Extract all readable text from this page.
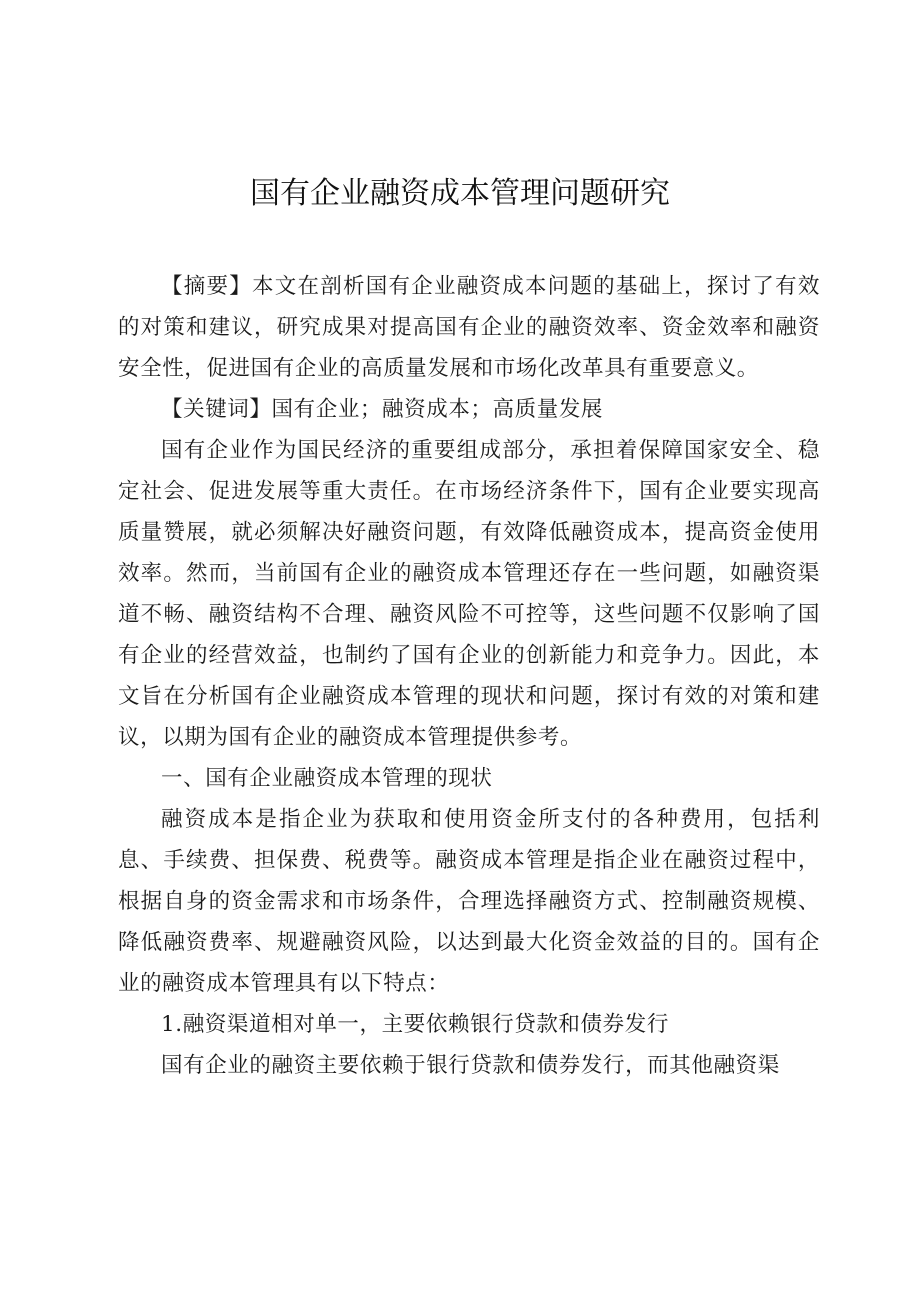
国有企业融资成本管理问题研究

【摘要】本文在剖析国有企业融资成本问题的基础上，探讨了有效的对策和建议，研究成果对提高国有企业的融资效率、资金效率和融资安全性，促进国有企业的高质量发展和市场化改革具有重要意义。

【关键词】国有企业；融资成本；高质量发展

国有企业作为国民经济的重要组成部分，承担着保障国家安全、稳定社会、促进发展等重大责任。在市场经济条件下，国有企业要实现高质量赞展，就必须解决好融资问题，有效降低融资成本，提高资金使用效率。然而，当前国有企业的融资成本管理还存在一些问题，如融资渠道不畅、融资结构不合理、融资风险不可控等，这些问题不仅影响了国有企业的经营效益，也制约了国有企业的创新能力和竞争力。因此，本文旨在分析国有企业融资成本管理的现状和问题，探讨有效的对策和建议，以期为国有企业的融资成本管理提供参考。

一、国有企业融资成本管理的现状

融资成本是指企业为获取和使用资金所支付的各种费用，包括利息、手续费、担保费、税费等。融资成本管理是指企业在融资过程中，根据自身的资金需求和市场条件，合理选择融资方式、控制融资规模、降低融资费率、规避融资风险，以达到最大化资金效益的目的。国有企业的融资成本管理具有以下特点：

1.融资渠道相对单一，主要依赖银行贷款和债券发行

国有企业的融资主要依赖于银行贷款和债券发行，而其他融资渠
